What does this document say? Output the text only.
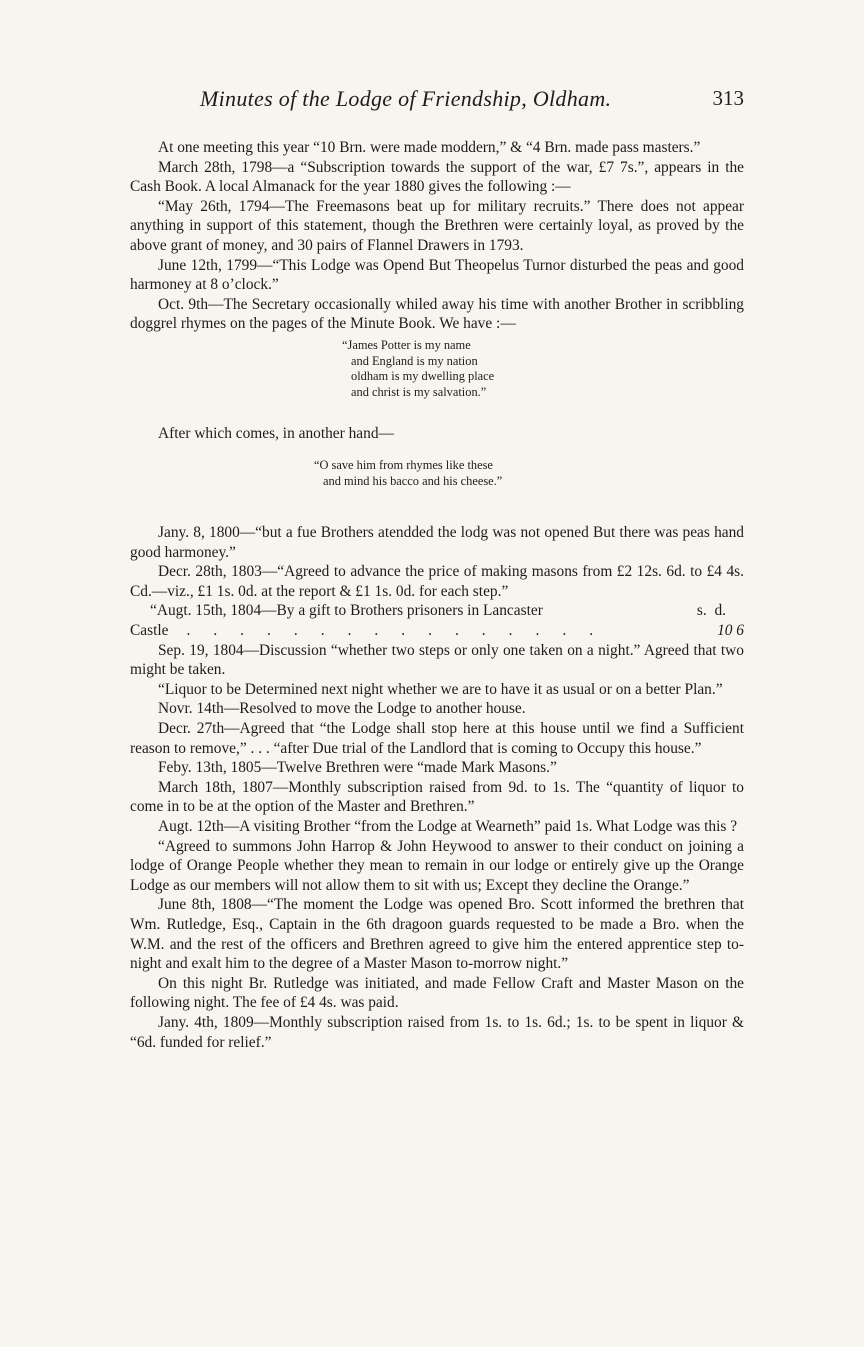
Minutes of the Lodge of Friendship, Oldham.	313

At one meeting this year “10 Brn. were made moddern,” & “4 Brn. made pass masters.”

March 28th, 1798—a “Subscription towards the support of the war, £7 7s.”, appears in the Cash Book. A local Almanack for the year 1880 gives the following :—

“May 26th, 1794—The Freemasons beat up for military recruits.” There does not appear anything in support of this statement, though the Brethren were certainly loyal, as proved by the above grant of money, and 30 pairs of Flannel Drawers in 1793.

June 12th, 1799—“This Lodge was Opend But Theopelus Turnor disturbed the peas and good harmoney at 8 o’clock.”

Oct. 9th—The Secretary occasionally whiled away his time with another Brother in scribbling doggrel rhymes on the pages of the Minute Book. We have :—

“James Potter is my name
and England is my nation
oldham is my dwelling place
and christ is my salvation.”

After which comes, in another hand—

“O save him from rhymes like these
and mind his bacco and his cheese.”

Jany. 8, 1800—“but a fue Brothers atendded the lodg was not opened But there was peas hand good harmoney.”

Decr. 28th, 1803—“Agreed to advance the price of making masons from £2 12s. 6d. to £4 4s. Cd.—viz., £1 1s. 0d. at the report & £1 1s. 0d. for each step.”

“Augt. 15th, 1804—By a gift to Brothers prisoners in Lancaster	s.  d.
Castle	................	10 6

Sep. 19, 1804—Discussion “whether two steps or only one taken on a night.” Agreed that two might be taken.

“Liquor to be Determined next night whether we are to have it as usual or on a better Plan.”

Novr. 14th—Resolved to move the Lodge to another house.

Decr. 27th—Agreed that “the Lodge shall stop here at this house until we find a Sufficient reason to remove,” . . . “after Due trial of the Landlord that is coming to Occupy this house.”

Feby. 13th, 1805—Twelve Brethren were “made Mark Masons.”

March 18th, 1807—Monthly subscription raised from 9d. to 1s. The “quantity of liquor to come in to be at the option of the Master and Brethren.”

Augt. 12th—A visiting Brother “from the Lodge at Wearneth” paid 1s. What Lodge was this ?

“Agreed to summons John Harrop & John Heywood to answer to their conduct on joining a lodge of Orange People whether they mean to remain in our lodge or entirely give up the Orange Lodge as our members will not allow them to sit with us; Except they decline the Orange.”

June 8th, 1808—“The moment the Lodge was opened Bro. Scott informed the brethren that Wm. Rutledge, Esq., Captain in the 6th dragoon guards requested to be made a Bro. when the W.M. and the rest of the officers and Brethren agreed to give him the entered apprentice step to-night and exalt him to the degree of a Master Mason to-morrow night.”

On this night Br. Rutledge was initiated, and made Fellow Craft and Master Mason on the following night. The fee of £4 4s. was paid.

Jany. 4th, 1809—Monthly subscription raised from 1s. to 1s. 6d.; 1s. to be spent in liquor & “6d. funded for relief.”
